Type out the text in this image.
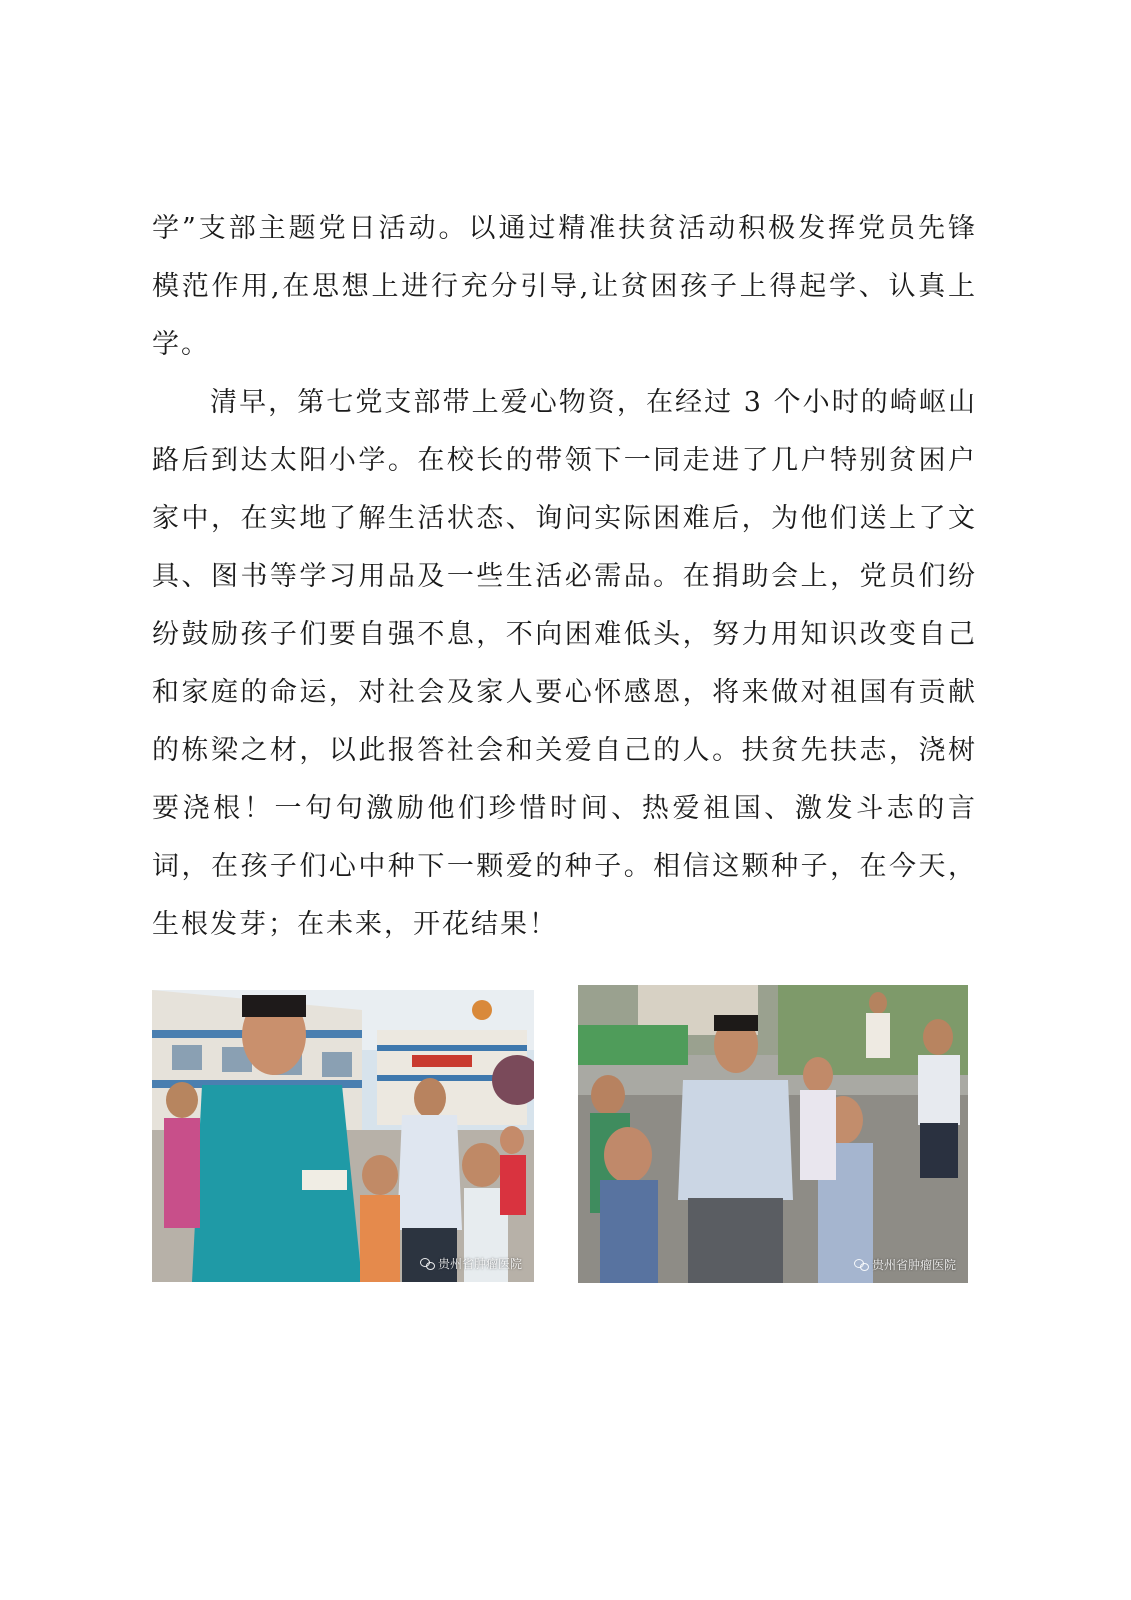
学”支部主题党日活动。以通过精准扶贫活动积极发挥党员先锋模范作用,在思想上进行充分引导,让贫困孩子上得起学、认真上学。

清早，第七党支部带上爱心物资，在经过 3 个小时的崎岖山路后到达太阳小学。在校长的带领下一同走进了几户特别贫困户家中，在实地了解生活状态、询问实际困难后，为他们送上了文具、图书等学习用品及一些生活必需品。在捐助会上，党员们纷纷鼓励孩子们要自强不息，不向困难低头，努力用知识改变自己和家庭的命运，对社会及家人要心怀感恩，将来做对祖国有贡献的栋梁之材，以此报答社会和关爱自己的人。扶贫先扶志，浇树要浇根！一句句激励他们珍惜时间、热爱祖国、激发斗志的言词，在孩子们心中种下一颗爱的种子。相信这颗种子，在今天，生根发芽；在未来，开花结果！

贵州省肿瘤医院	贵州省肿瘤医院
